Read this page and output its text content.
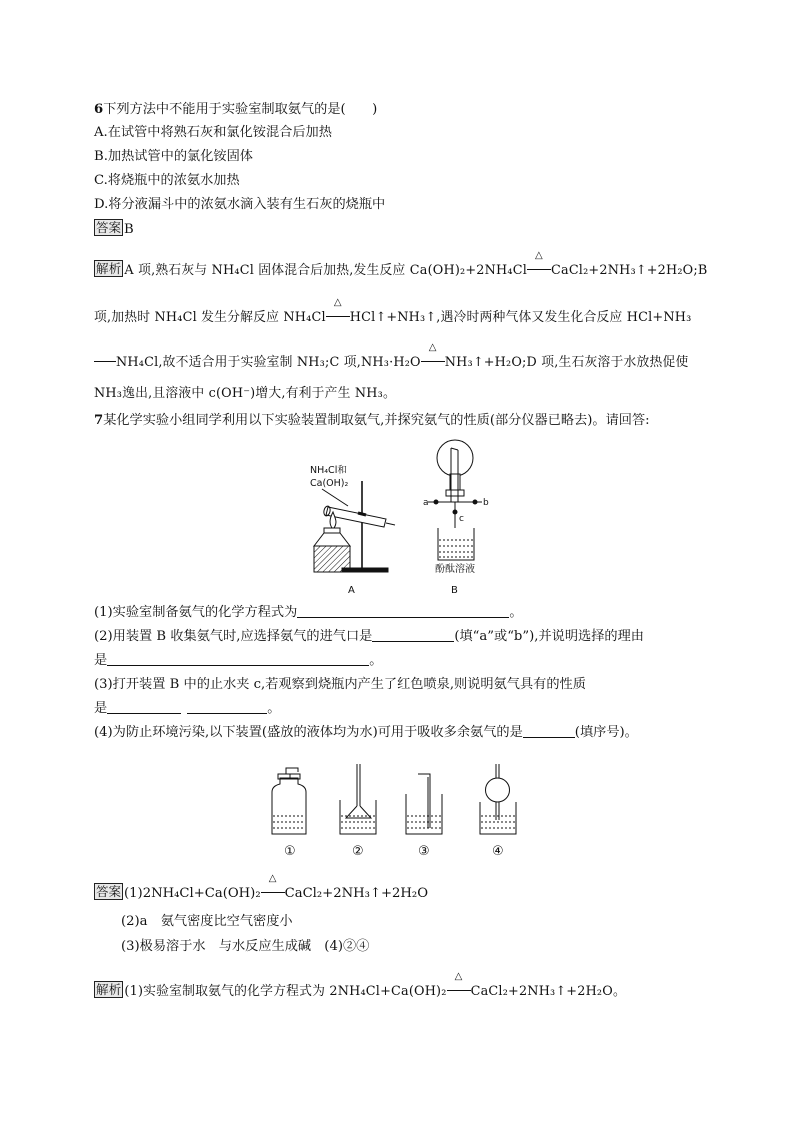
6下列方法中不能用于实验室制取氨气的是(　　)
A.在试管中将熟石灰和氯化铵混合后加热
B.加热试管中的氯化铵固体
C.将烧瓶中的浓氨水加热
D.将分液漏斗中的浓氨水滴入装有生石灰的烧瓶中
答案 B
解析 A 项,熟石灰与 NH₄Cl 固体混合后加热,发生反应 Ca(OH)₂+2NH₄Cl
△
CaCl₂+2NH₃↑+2H₂O;B
项,加热时 NH₄Cl 发生分解反应 NH₄Cl
△
HCl↑+NH₃↑,遇冷时两种气体又发生化合反应 HCl+NH₃
NH₄Cl,故不适合用于实验室制 NH₃;C 项,NH₃·H₂O
△
NH₃↑+H₂O;D 项,生石灰溶于水放热促使
NH₃逸出,且溶液中 c(OH⁻)增大,有利于产生 NH₃。
7某化学实验小组同学利用以下实验装置制取氨气,并探究氨气的性质(部分仪器已略去)。请回答:
NH₄Cl和
Ca(OH)₂
a	b
c
酚酞溶液
A	B
(1)实验室制备氨气的化学方程式为	。
(2)用装置 B 收集氨气时,应选择氨气的进气口是	(填“a”或“b”),并说明选择的理由
是	。
(3)打开装置 B 中的止水夹 c,若观察到烧瓶内产生了红色喷泉,则说明氨气具有的性质
是	。
(4)为防止环境污染,以下装置(盛放的液体均为水)可用于吸收多余氨气的是	(填序号)。
①	②	③	④
答案 (1)2NH₄Cl+Ca(OH)₂
△
CaCl₂+2NH₃↑+2H₂O
(2)a　氨气密度比空气密度小
(3)极易溶于水　与水反应生成碱　(4)②④
解析 (1)实验室制取氨气的化学方程式为 2NH₄Cl+Ca(OH)₂
△
CaCl₂+2NH₃↑+2H₂O。
